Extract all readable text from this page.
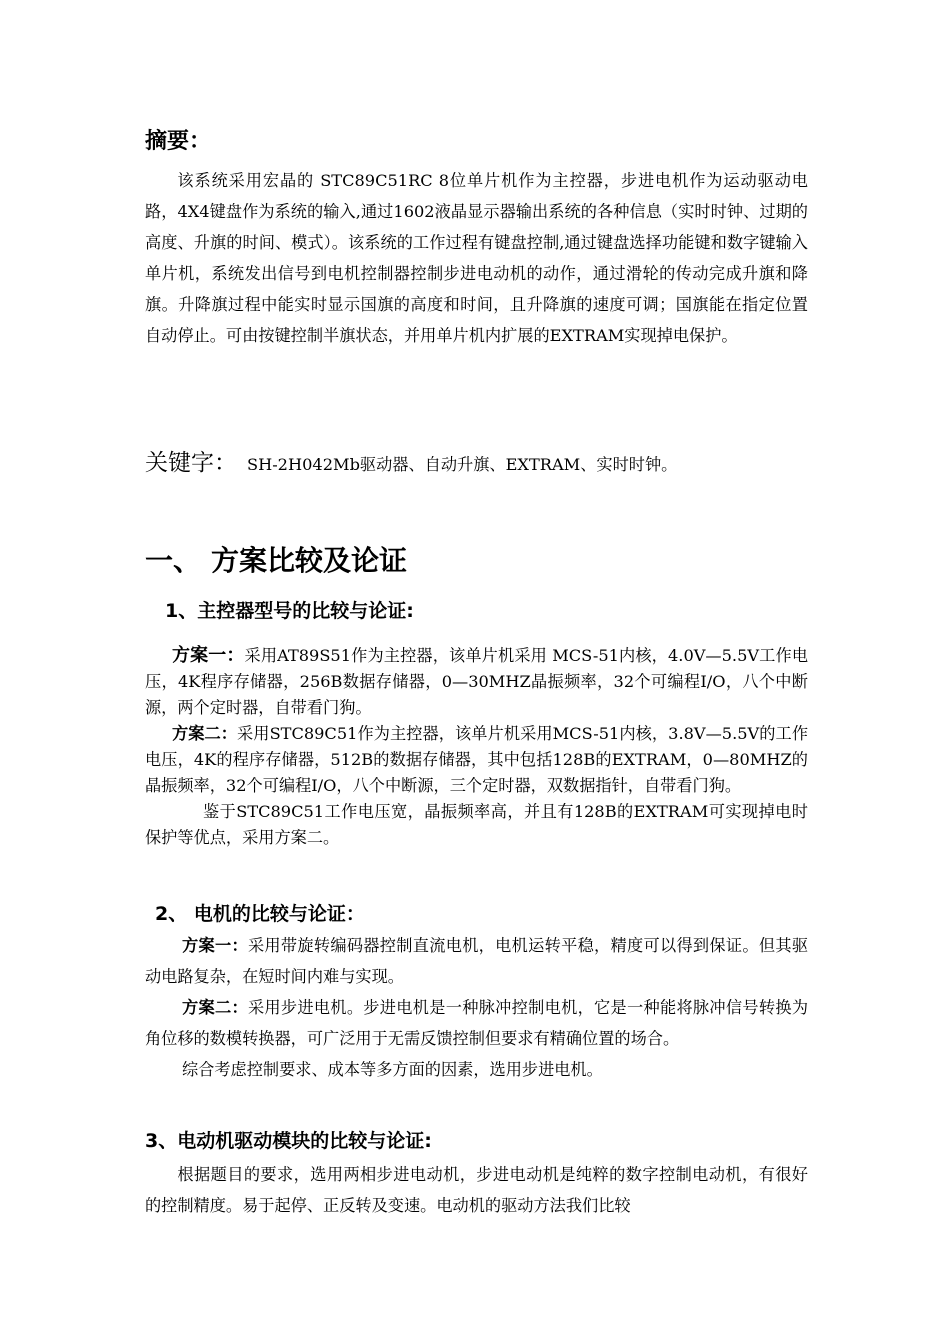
摘要：

该系统采用宏晶的 STC89C51RC 8位单片机作为主控器，步进电机作为运动驱动电路，4X4键盘作为系统的输入,通过1602液晶显示器输出系统的各种信息（实时时钟、过期的高度、升旗的时间、模式）。该系统的工作过程有键盘控制,通过键盘选择功能键和数字键输入单片机，系统发出信号到电机控制器控制步进电动机的动作，通过滑轮的传动完成升旗和降旗。升降旗过程中能实时显示国旗的高度和时间，且升降旗的速度可调；国旗能在指定位置自动停止。可由按键控制半旗状态，并用单片机内扩展的EXTRAM实现掉电保护。

关键字： SH-2H042Mb驱动器、自动升旗、EXTRAM、实时时钟。
一、 方案比较及论证
1、主控器型号的比较与论证:

方案一：采用AT89S51作为主控器，该单片机采用 MCS-51内核，4.0V—5.5V工作电压，4K程序存储器，256B数据存储器，0—30MHZ晶振频率，32个可编程I/O，八个中断源，两个定时器，自带看门狗。

方案二：采用STC89C51作为主控器，该单片机采用MCS-51内核，3.8V—5.5V的工作电压，4K的程序存储器，512B的数据存储器，其中包括128B的EXTRAM，0—80MHZ的晶振频率，32个可编程I/O，八个中断源，三个定时器，双数据指针，自带看门狗。

鉴于STC89C51工作电压宽，晶振频率高，并且有128B的EXTRAM可实现掉电时保护等优点，采用方案二。

2、 电机的比较与论证：

方案一：采用带旋转编码器控制直流电机，电机运转平稳，精度可以得到保证。但其驱动电路复杂，在短时间内难与实现。

方案二：采用步进电机。步进电机是一种脉冲控制电机，它是一种能将脉冲信号转换为角位移的数模转换器，可广泛用于无需反馈控制但要求有精确位置的场合。

综合考虑控制要求、成本等多方面的因素，选用步进电机。

3、电动机驱动模块的比较与论证:

根据题目的要求，选用两相步进电动机，步进电动机是纯粹的数字控制电动机，有很好的控制精度。易于起停、正反转及变速。电动机的驱动方法我们比较
